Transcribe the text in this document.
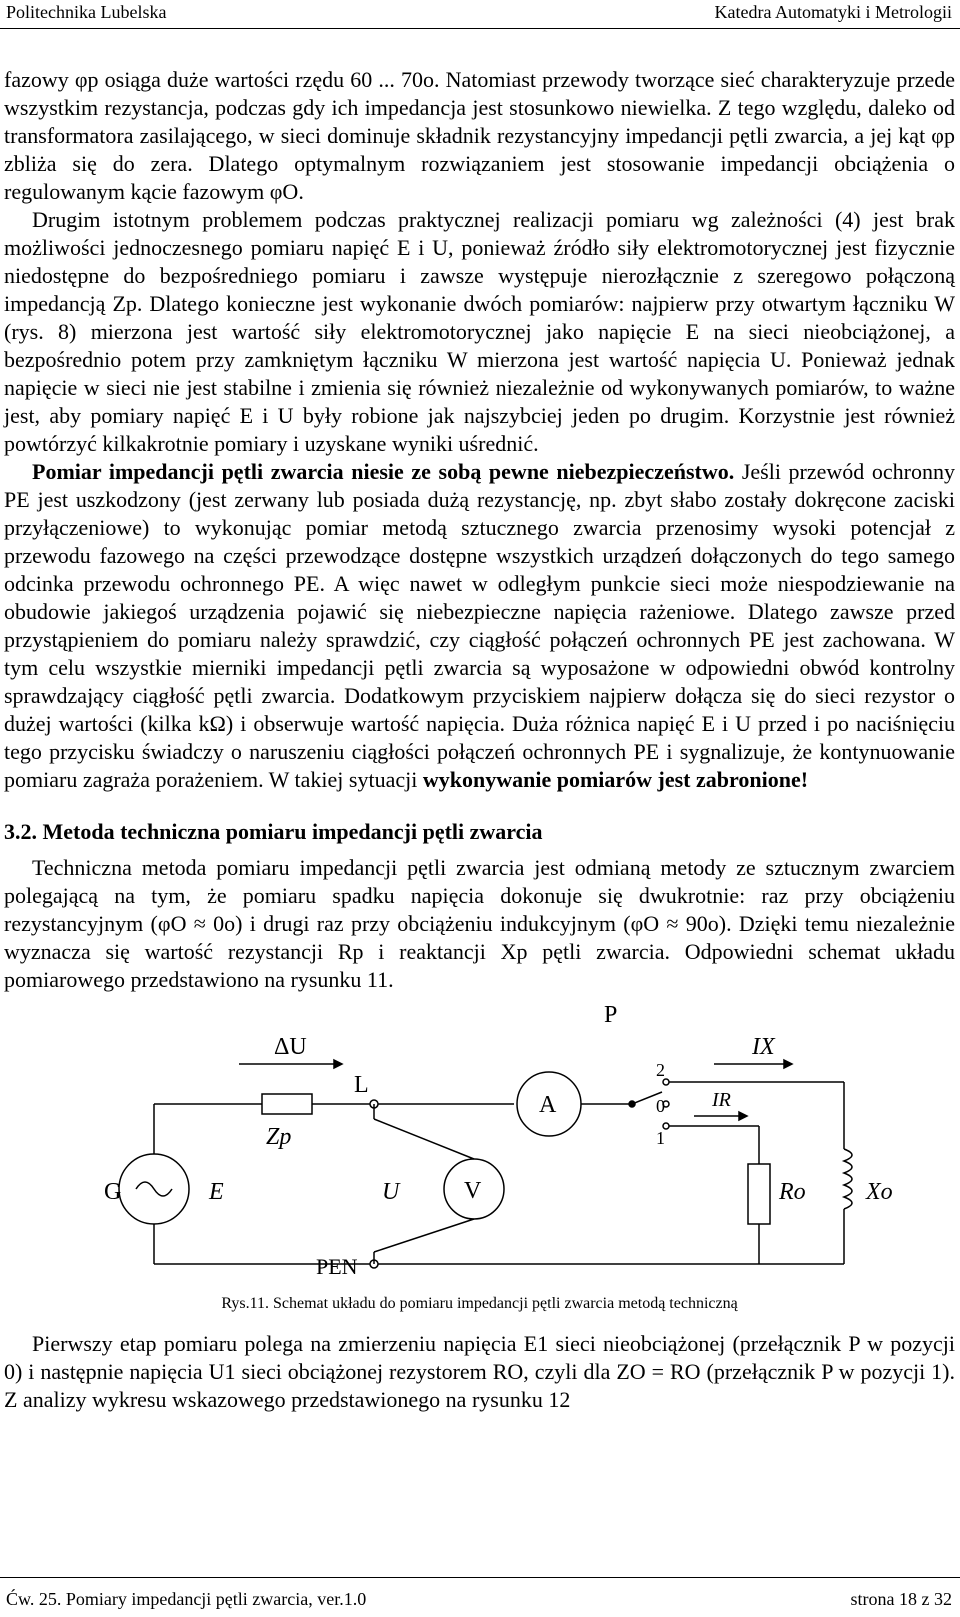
Politechnika Lubelska	Katedra Automatyki i Metrologii

fazowy φp osiąga duże wartości rzędu 60 ... 70o. Natomiast przewody tworzące sieć charakteryzuje przede wszystkim rezystancja, podczas gdy ich impedancja jest stosunkowo niewielka. Z tego względu, daleko od transformatora zasilającego, w sieci dominuje składnik rezystancyjny impedancji pętli zwarcia, a jej kąt φp zbliża się do zera. Dlatego optymalnym rozwiązaniem jest stosowanie impedancji obciążenia o regulowanym kącie fazowym φO.

Drugim istotnym problemem podczas praktycznej realizacji pomiaru wg zależności (4) jest brak możliwości jednoczesnego pomiaru napięć E i U, ponieważ źródło siły elektromotorycznej jest fizycznie niedostępne do bezpośredniego pomiaru i zawsze występuje nierozłącznie z szeregowo połączoną impedancją Zp. Dlatego konieczne jest wykonanie dwóch pomiarów: najpierw przy otwartym łączniku W (rys. 8) mierzona jest wartość siły elektromotorycznej jako napięcie E na sieci nieobciążonej, a bezpośrednio potem przy zamkniętym łączniku W mierzona jest wartość napięcia U. Ponieważ jednak napięcie w sieci nie jest stabilne i zmienia się również niezależnie od wykonywanych pomiarów, to ważne jest, aby pomiary napięć E i U były robione jak najszybciej jeden po drugim. Korzystnie jest również powtórzyć kilkakrotnie pomiary i uzyskane wyniki uśrednić.

Pomiar impedancji pętli zwarcia niesie ze sobą pewne niebezpieczeństwo. Jeśli przewód ochronny PE jest uszkodzony (jest zerwany lub posiada dużą rezystancję, np. zbyt słabo zostały dokręcone zaciski przyłączeniowe) to wykonując pomiar metodą sztucznego zwarcia przenosimy wysoki potencjał z przewodu fazowego na części przewodzące dostępne wszystkich urządzeń dołączonych do tego samego odcinka przewodu ochronnego PE. A więc nawet w odległym punkcie sieci może niespodziewanie na obudowie jakiegoś urządzenia pojawić się niebezpieczne napięcia rażeniowe. Dlatego zawsze przed przystąpieniem do pomiaru należy sprawdzić, czy ciągłość połączeń ochronnych PE jest zachowana. W tym celu wszystkie mierniki impedancji pętli zwarcia są wyposażone w odpowiedni obwód kontrolny sprawdzający ciągłość pętli zwarcia. Dodatkowym przyciskiem najpierw dołącza się do sieci rezystor o dużej wartości (kilka kΩ) i obserwuje wartość napięcia. Duża różnica napięć E i U przed i po naciśnięciu tego przycisku świadczy o naruszeniu ciągłości połączeń ochronnych PE i sygnalizuje, że kontynuowanie pomiaru zagraża porażeniem. W takiej sytuacji wykonywanie pomiarów jest zabronione!

3.2. Metoda techniczna pomiaru impedancji pętli zwarcia

Techniczna metoda pomiaru impedancji pętli zwarcia jest odmianą metody ze sztucznym zwarciem polegającą na tym, że pomiaru spadku napięcia dokonuje się dwukrotnie: raz przy obciążeniu rezystancyjnym (φO ≈ 0o) i drugi raz przy obciążeniu indukcyjnym (φO ≈ 90o). Dzięki temu niezależnie wyznacza się wartość rezystancji Rp i reaktancji Xp pętli zwarcia. Odpowiedni schemat układu pomiarowego przedstawiono na rysunku 11.

P
ΔU
L
A
2
0
1
IX
IR
G	E
Zp
U	V	Ro	Xo
PEN
Rys.11. Schemat układu do pomiaru impedancji pętli zwarcia metodą techniczną

Pierwszy etap pomiaru polega na zmierzeniu napięcia E1 sieci nieobciążonej (przełącznik P w pozycji 0) i następnie napięcia U1 sieci obciążonej rezystorem RO, czyli dla ZO = RO (przełącznik P w pozycji 1). Z analizy wykresu wskazowego przedstawionego na rysunku 12

Ćw. 25. Pomiary impedancji pętli zwarcia, ver.1.0	strona 18 z 32
